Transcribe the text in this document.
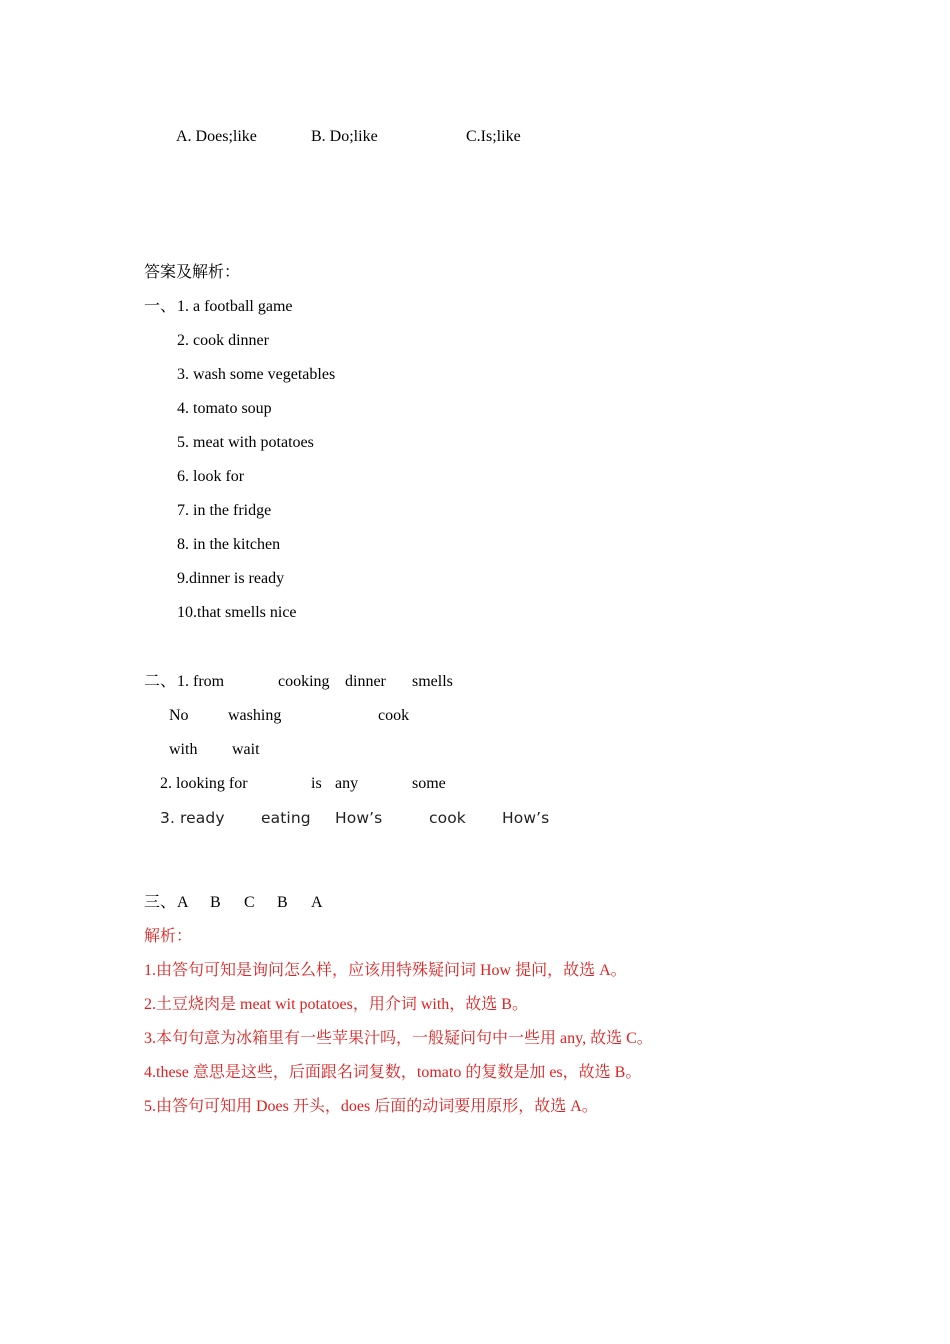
A. Does;like	B. Do;like	C.Is;like
答案及解析：
一、 1. a football game
2. cook dinner
3. wash some vegetables
4. tomato soup
5. meat with potatoes
6. look for
7. in the fridge
8. in the kitchen
9.dinner is ready
10.that smells nice
二、 1. from	cooking dinner smells
No washing	cook
with wait
2. looking for	is any	some
3. ready eating How’s	cook How’s
三、 A B C B A
解析：
1.由答句可知是询问怎么样，应该用特殊疑问词 How 提问，故选 A。
2.土豆烧肉是 meat wit potatoes，用介词 with，故选 B。
3.本句句意为冰箱里有一些苹果汁吗，一般疑问句中一些用 any, 故选 C。
4.these 意思是这些，后面跟名词复数，tomato 的复数是加 es，故选 B。
5.由答句可知用 Does 开头，does 后面的动词要用原形，故选 A。
